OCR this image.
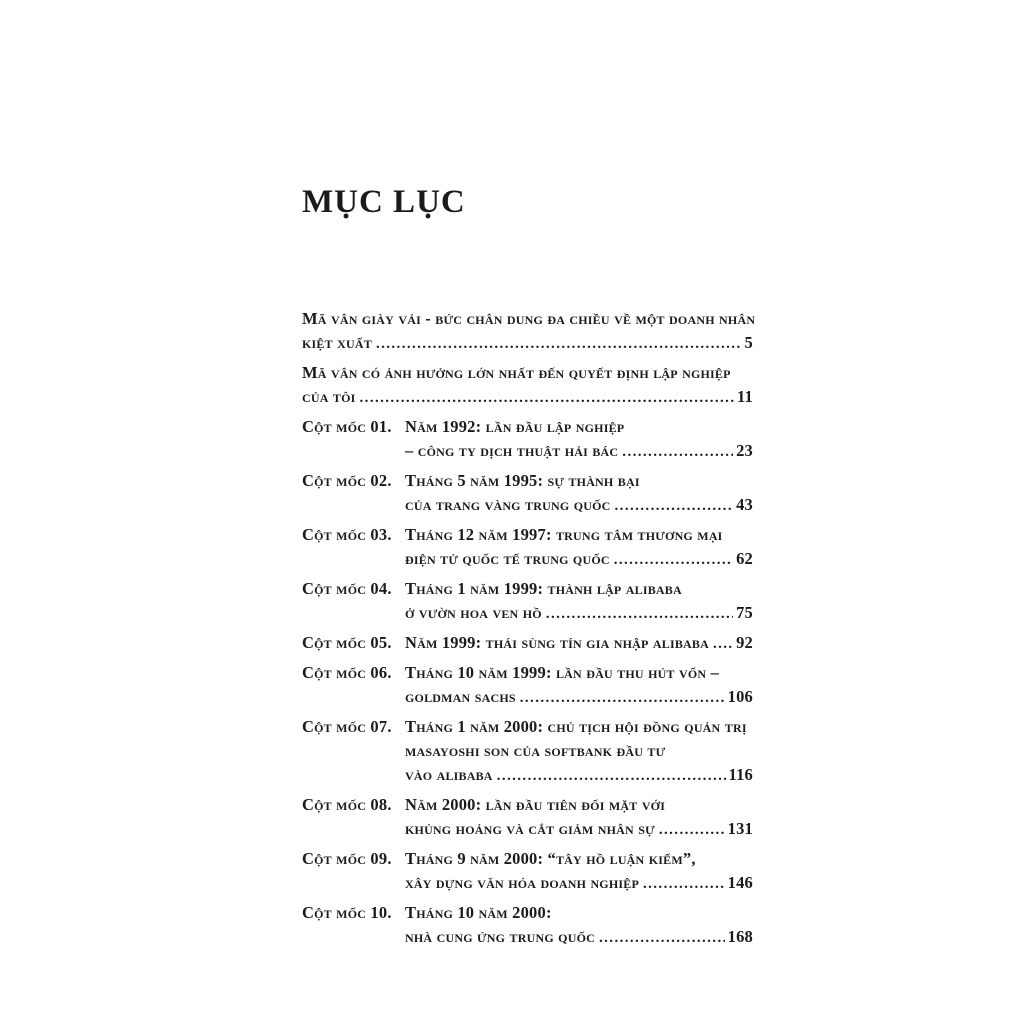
MỤC LỤC
Mã vân giày vải - bức chân dung đa chiều về một doanh nhân
kiệt xuất .....	5
Mã vân có ảnh hưởng lớn nhất đến quyết định lập nghiệp
của tôi .....	11
Cột mốc 01. Năm 1992: lần đầu lập nghiệp
– công ty dịch thuật hải bác .....	23
Cột mốc 02. Tháng 5 năm 1995: sự thành bại
của trang vàng trung quốc .....	43
Cột mốc 03. Tháng 12 năm 1997: trung tâm thương mại
điện tử quốc tế trung quốc .....	62
Cột mốc 04. Tháng 1 năm 1999: thành lập alibaba
ở vườn hoa ven hồ .....	75
Cột mốc 05. Năm 1999: thái sùng tín gia nhập alibaba ..... 92
Cột mốc 06. Tháng 10 năm 1999: lần đầu thu hút vốn –
goldman sachs .....	106
Cột mốc 07. Tháng 1 năm 2000: chủ tịch hội đồng quản trị
masayoshi son của softbank đầu tư
vào alibaba .....	116
Cột mốc 08. Năm 2000: lần đầu tiên đối mặt với
khủng hoảng và cắt giảm nhân sự .....	131
Cột mốc 09. Tháng 9 năm 2000: “tây hồ luận kiếm”,
xây dựng văn hóa doanh nghiệp .....	146
Cột mốc 10. Tháng 10 năm 2000:
nhà cung ứng trung quốc .....	168
